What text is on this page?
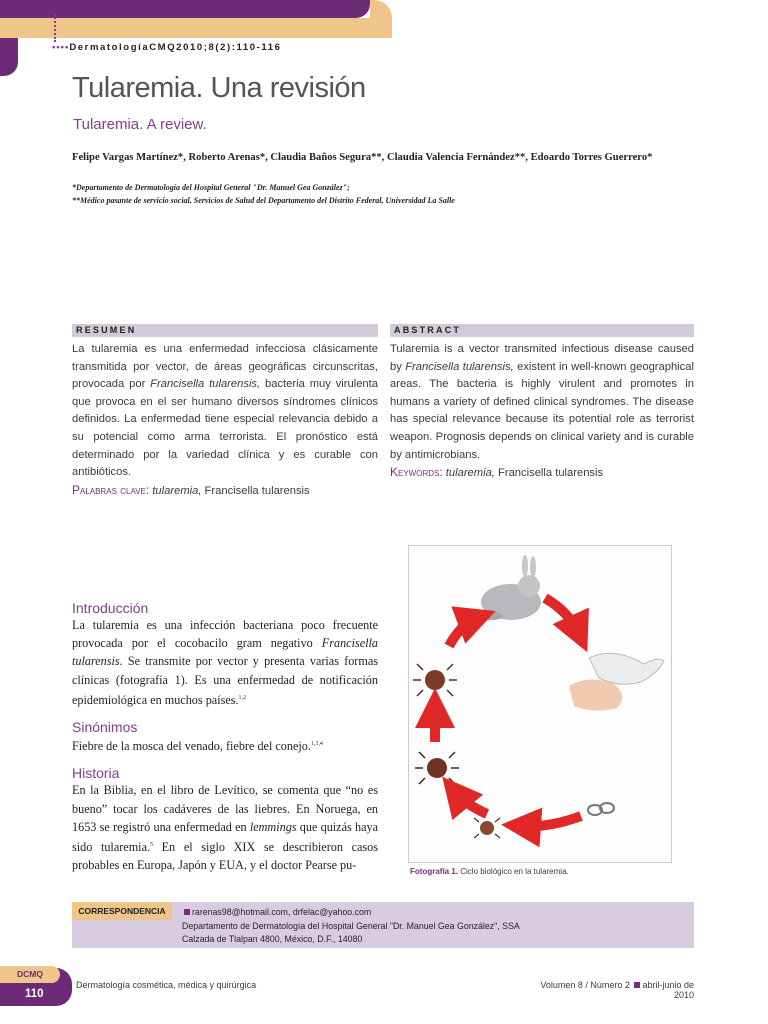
••••DermatologíaCMQ2010;8(2):110-116
Tularemia. Una revisión
Tularemia. A review.
Felipe Vargas Martínez*, Roberto Arenas*, Claudia Baños Segura**, Claudia Valencia Fernández**, Edoardo Torres Guerrero*
*Departamento de Dermatología del Hospital General "Dr. Manuel Gea González";
**Médico pasante de servicio social, Servicios de Salud del Departamento del Distrito Federal, Universidad La Salle
RESUMEN
La tularemia es una enfermedad infecciosa clásicamente transmitida por vector, de áreas geográficas circunscritas, provocada por Francisella tularensis, bacteria muy virulenta que provoca en el ser humano diversos síndromes clínicos definidos. La enfermedad tiene especial relevancia debido a su potencial como arma terrorista. El pronóstico está determinado por la variedad clínica y es curable con antibióticos.
Palabras clave: tularemia, Francisella tularensis
ABSTRACT
Tularemia is a vector transmited infectious disease caused by Francisella tularensis, existent in well-known geographical areas. The bacteria is highly virulent and promotes in humans a variety of defined clinical syndromes. The disease has special relevance because its potential role as terrorist weapon. Prognosis depends on clinical variety and is curable by antimicrobians.
Keywords: tularemia, Francisella tularensis
Introducción
La tularemia es una infección bacteriana poco frecuente provocada por el cocobacilo gram negativo Francisella tularensis. Se transmite por vector y presenta varias formas clínicas (fotografía 1). Es una enfermedad de notificación epidemiológica en muchos países.$^{1,2}$
Sinónimos
Fiebre de la mosca del venado, fiebre del conejo.$^{1,3,4}$
Historia
En la Biblia, en el libro de Levítico, se comenta que “no es bueno” tocar los cadáveres de las liebres. En Noruega, en 1653 se registró una enfermedad en lemmings que quizás haya sido tularemia.$^5$ En el siglo XIX se describieron casos probables en Europa, Japón y EUA, y el doctor Pearse pu-	Fotografía 1. Ciclo biológico en la tularemia.
CORRESPONDENCIA	rarenas98@hotmail.com, drfelac@yahoo.com
Departamento de Dermatología del Hospital General "Dr. Manuel Gea González", SSA
Calzada de Tlalpan 4800, México, D.F., 14080
DCMQ
110
Dermatología cosmética, médica y quirúrgica	Volumen 8 / Número 2 abril-junio de 2010
